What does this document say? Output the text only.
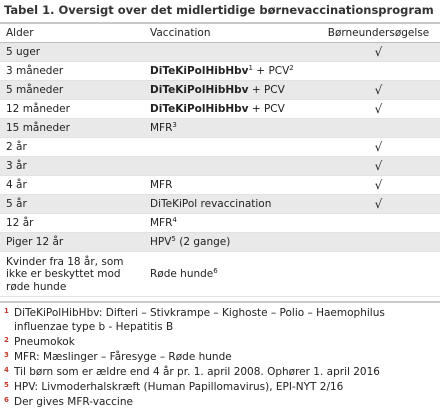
Tabel 1. Oversigt over det midlertidige børnevaccinationsprogram
Alder	Vaccination	Børneundersøgelse
5 uger		√
3 måneder	DiTeKiPolHibHbv$^1$ + $PCV^2$	
5 måneder	DiTeKiPolHibHbv + PCV	√
12 måneder	DiTeKiPolHibHbv + PCV	√
15 måneder	MFR$^3$	
2 år		√
3 år		√
4 år	MFR	√
5 år	DiTeKiPol revaccination	√
12 år	MFR$^4$	
Piger 12 år	HPV$^5$ (2 gange)	
Kvinder fra 18 år, som ikke er beskyttet mod røde hunde	Røde hunde$^6$	
1 DiTeKiPolHibHbv: Difteri – Stivkrampe – Kighoste – Polio – Haemophilus influenzae type b - Hepatitis B
2 Pneumokok
3 MFR: Mæslinger – Fåresyge – Røde hunde
4 Til børn som er ældre end 4 år pr. 1. april 2008. Ophører 1. april 2016
5 HPV: Livmoderhalskræft (Human Papillomavirus), EPI-NYT 2/16
6 Der gives MFR-vaccine
